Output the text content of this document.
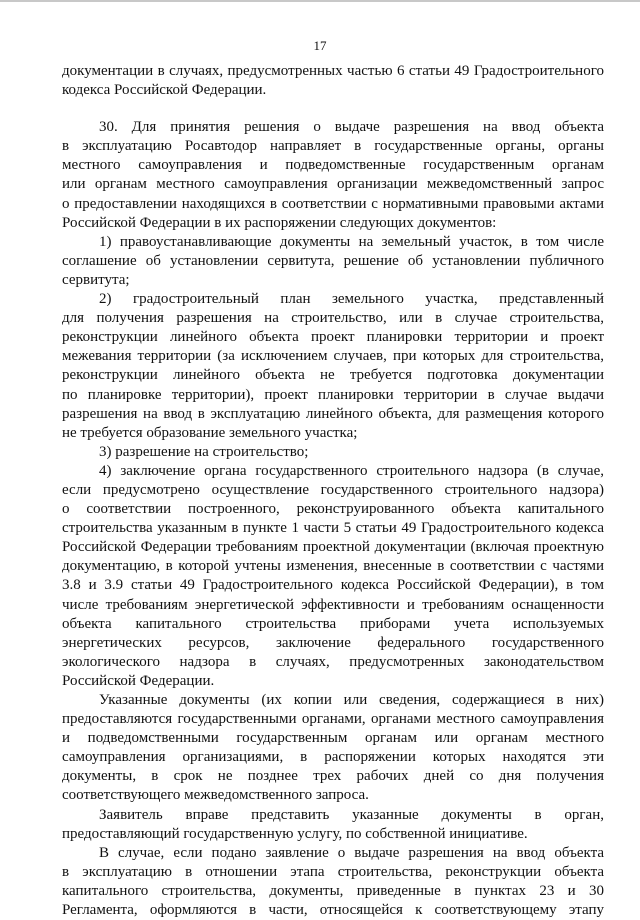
17
документации в случаях, предусмотренных частью 6 статьи 49 Градостроительного
кодекса Российской Федерации.
30. Для принятия решения о выдаче разрешения на ввод объекта
в эксплуатацию Росавтодор направляет в государственные органы, органы
местного самоуправления и подведомственные государственным органам
или органам местного самоуправления организации межведомственный запрос
о предоставлении находящихся в соответствии с нормативными правовыми актами
Российской Федерации в их распоряжении следующих документов:
1) правоустанавливающие документы на земельный участок, в том числе
соглашение об установлении сервитута, решение об установлении публичного
сервитута;
2) градостроительный план земельного участка, представленный
для получения разрешения на строительство, или в случае строительства,
реконструкции линейного объекта проект планировки территории и проект
межевания территории (за исключением случаев, при которых для строительства,
реконструкции линейного объекта не требуется подготовка документации
по планировке территории), проект планировки территории в случае выдачи
разрешения на ввод в эксплуатацию линейного объекта, для размещения которого
не требуется образование земельного участка;
3) разрешение на строительство;
4) заключение органа государственного строительного надзора (в случае,
если предусмотрено осуществление государственного строительного надзора)
о соответствии построенного, реконструированного объекта капитального
строительства указанным в пункте 1 части 5 статьи 49 Градостроительного кодекса
Российской Федерации требованиям проектной документации (включая проектную
документацию, в которой учтены изменения, внесенные в соответствии с частями
3.8 и 3.9 статьи 49 Градостроительного кодекса Российской Федерации), в том
числе требованиям энергетической эффективности и требованиям оснащенности
объекта капитального строительства приборами учета используемых
энергетических ресурсов, заключение федерального государственного
экологического надзора в случаях, предусмотренных законодательством
Российской Федерации.
Указанные документы (их копии или сведения, содержащиеся в них)
предоставляются государственными органами, органами местного самоуправления
и подведомственными государственным органам или органам местного
самоуправления организациями, в распоряжении которых находятся эти
документы, в срок не позднее трех рабочих дней со дня получения
соответствующего межведомственного запроса.
Заявитель вправе представить указанные документы в орган,
предоставляющий государственную услугу, по собственной инициативе.
В случае, если подано заявление о выдаче разрешения на ввод объекта
в эксплуатацию в отношении этапа строительства, реконструкции объекта
капитального строительства, документы, приведенные в пунктах 23 и 30
Регламента, оформляются в части, относящейся к соответствующему этапу
